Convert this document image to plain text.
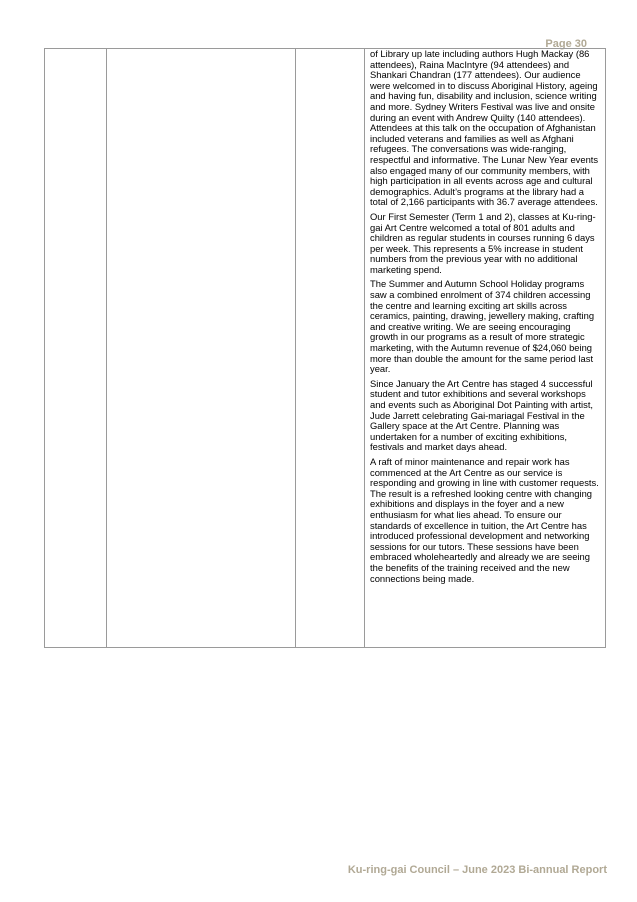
Page 30

of Library up late including authors Hugh Mackay (86 attendees), Raina MacIntyre (94 attendees) and Shankari Chandran (177 attendees). Our audience were welcomed in to discuss Aboriginal History, ageing and having fun, disability and inclusion, science writing and more. Sydney Writers Festival was live and onsite during an event with Andrew Quilty (140 attendees). Attendees at this talk on the occupation of Afghanistan included veterans and families as well as Afghani refugees. The conversations was wide-ranging, respectful and informative. The Lunar New Year events also engaged many of our community members, with high participation in all events across age and cultural demographics. Adult’s programs at the library had a total of 2,166 participants with 36.7 average attendees.

Our First Semester (Term 1 and 2), classes at Ku-ring-gai Art Centre welcomed a total of 801 adults and children as regular students in courses running 6 days per week. This represents a 5% increase in student numbers from the previous year with no additional marketing spend.

The Summer and Autumn School Holiday programs saw a combined enrolment of 374 children accessing the centre and learning exciting art skills across ceramics, painting, drawing, jewellery making, crafting and creative writing. We are seeing encouraging growth in our programs as a result of more strategic marketing, with the Autumn revenue of $24,060 being more than double the amount for the same period last year.

Since January the Art Centre has staged 4 successful student and tutor exhibitions and several workshops and events such as Aboriginal Dot Painting with artist, Jude Jarrett celebrating Gai-mariagal Festival in the Gallery space at the Art Centre. Planning was undertaken for a number of exciting exhibitions, festivals and market days ahead.

A raft of minor maintenance and repair work has commenced at the Art Centre as our service is responding and growing in line with customer requests. The result is a refreshed looking centre with changing exhibitions and displays in the foyer and a new enthusiasm for what lies ahead. To ensure our standards of excellence in tuition, the Art Centre has introduced professional development and networking sessions for our tutors. These sessions have been embraced wholeheartedly and already we are seeing the benefits of the training received and the new connections being made.

Ku-ring-gai Council – June 2023 Bi-annual Report
